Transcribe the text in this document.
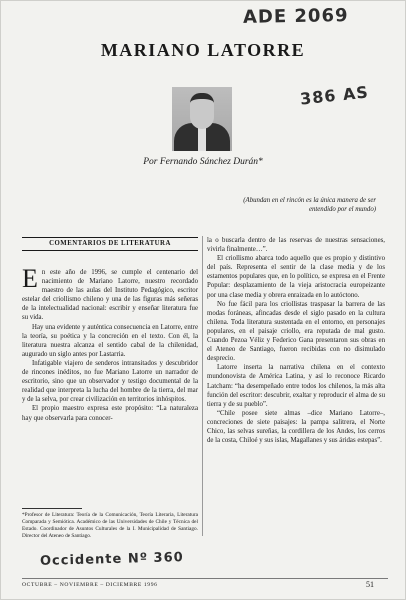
ADE 2069
386 AS
MARIANO LATORRE
Por Fernando Sánchez Durán*
(Abundan en el rincón es la única manera de ser entendido por el mundo)
COMENTARIOS DE LITERATURA

En este año de 1996, se cumple el centenario del nacimiento de Mariano Latorre, nuestro recordado maestro de las aulas del Instituto Pedagógico, escritor estelar del criollismo chileno y una de las figuras más señeras de la intelectualidad nacional: escribir y enseñar literatura fue su vida.

Hay una evidente y auténtica consecuencia en Latorre, entre la teoría, su poética y la concreción en el texto. Con él, la literatura nuestra alcanza el sentido cabal de la chilenidad, augurado un siglo antes por Lastarria.

Infatigable viajero de senderos intransitados y descubridor de rincones inéditos, no fue Mariano Latorre un narrador de escritorio, sino que un observador y testigo documental de la realidad que interpreta la lucha del hombre de la tierra, del mar y de la selva, por crear civilización en territorios inhóspitos.

El propio maestro expresa este propósito: “La naturaleza hay que observarla para conocer-

la o buscarla dentro de las reservas de nuestras sensaciones, vivirla finalmente…”.

El criollismo abarca todo aquello que es propio y distintivo del país. Representa el sentir de la clase media y de los estamentos populares que, en lo político, se expresa en el Frente Popular: desplazamiento de la vieja aristocracia europeizante por una clase media y obrera enraizada en lo autóctono.

No fue fácil para los criollistas traspasar la barrera de las modas foráneas, afincadas desde el siglo pasado en la cultura chilena. Toda literatura sustentada en el entorno, en personajes populares, en el paisaje criollo, era reputada de mal gusto. Cuando Pezoa Véliz y Federico Gana presentaron sus obras en el Ateneo de Santiago, fueron recibidas con no disimulado desprecio.

Latorre inserta la narrativa chilena en el contexto mundonovista de América Latina, y así lo reconoce Ricardo Latcham: “ha desempeñado entre todos los chilenos, la más alta función del escritor: descubrir, exaltar y reproducir el alma de su tierra y de su pueblo”.

“Chile posee siete almas –dice Mariano Latorre–, concreciones de siete paisajes: la pampa salitrera, el Norte Chico, las selvas sureñas, la cordillera de los Andes, los cerros de la costa, Chiloé y sus islas, Magallanes y sus áridas estepas”.

*Profesor de Literatura: Teoría de la Comunicación, Teoría Literaria, Literatura Comparada y Semiótica. Académico de las Universidades de Chile y Técnica del Estado. Coordinador de Asuntos Culturales de la I. Municipalidad de Santiago. Director del Ateneo de Santiago.
Occidente Nº 360
OCTUBRE – NOVIEMBRE – DICIEMBRE 1996	51
